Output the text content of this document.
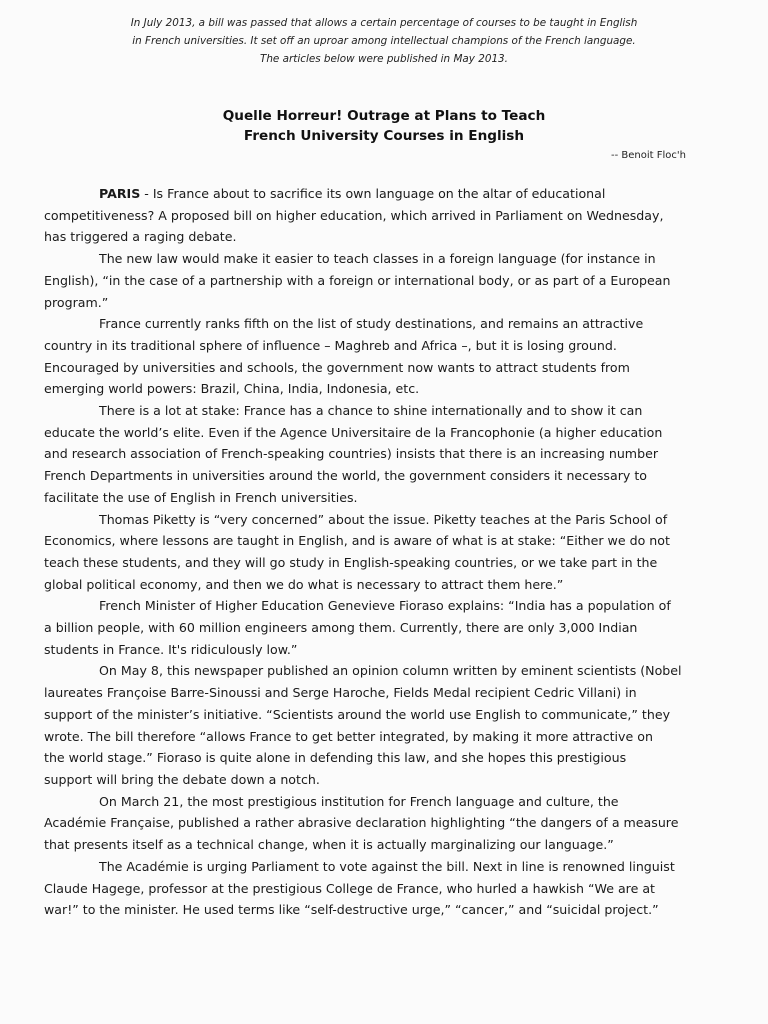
In July 2013, a bill was passed that allows a certain percentage of courses to be taught in English
in French universities. It set off an uproar among intellectual champions of the French language.
The articles below were published in May 2013.
Quelle Horreur! Outrage at Plans to Teach
French University Courses in English
-- Benoit Floc'h
PARIS - Is France about to sacrifice its own language on the altar of educational
competitiveness? A proposed bill on higher education, which arrived in Parliament on Wednesday,
has triggered a raging debate.
The new law would make it easier to teach classes in a foreign language (for instance in
English), “in the case of a partnership with a foreign or international body, or as part of a European
program.”
France currently ranks fifth on the list of study destinations, and remains an attractive
country in its traditional sphere of influence – Maghreb and Africa –, but it is losing ground.
Encouraged by universities and schools, the government now wants to attract students from
emerging world powers: Brazil, China, India, Indonesia, etc.
There is a lot at stake: France has a chance to shine internationally and to show it can
educate the world’s elite. Even if the Agence Universitaire de la Francophonie (a higher education
and research association of French-speaking countries) insists that there is an increasing number
French Departments in universities around the world, the government considers it necessary to
facilitate the use of English in French universities.
Thomas Piketty is “very concerned” about the issue. Piketty teaches at the Paris School of
Economics, where lessons are taught in English, and is aware of what is at stake: “Either we do not
teach these students, and they will go study in English-speaking countries, or we take part in the
global political economy, and then we do what is necessary to attract them here.”
French Minister of Higher Education Genevieve Fioraso explains: “India has a population of
a billion people, with 60 million engineers among them. Currently, there are only 3,000 Indian
students in France. It's ridiculously low.”
On May 8, this newspaper published an opinion column written by eminent scientists (Nobel
laureates Françoise Barre-Sinoussi and Serge Haroche, Fields Medal recipient Cedric Villani) in
support of the minister’s initiative. “Scientists around the world use English to communicate,” they
wrote. The bill therefore “allows France to get better integrated, by making it more attractive on
the world stage.” Fioraso is quite alone in defending this law, and she hopes this prestigious
support will bring the debate down a notch.
On March 21, the most prestigious institution for French language and culture, the
Académie Française, published a rather abrasive declaration highlighting “the dangers of a measure
that presents itself as a technical change, when it is actually marginalizing our language.”
The Académie is urging Parliament to vote against the bill. Next in line is renowned linguist
Claude Hagege, professor at the prestigious College de France, who hurled a hawkish “We are at
war!” to the minister. He used terms like “self-destructive urge,” “cancer,” and “suicidal project.”
